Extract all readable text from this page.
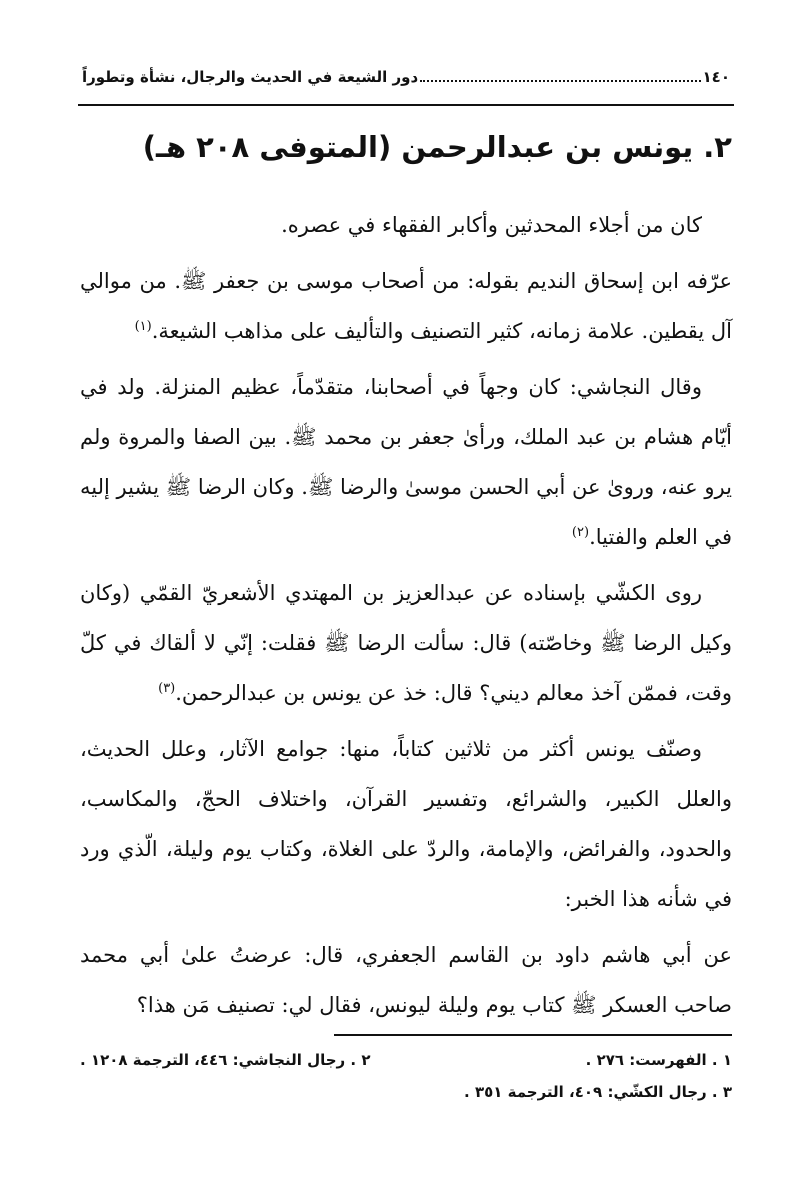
١٤٠
دور الشيعة في الحديث والرجال، نشأة وتطوراً
٢. يونس بن عبدالرحمن (المتوفى ٢٠٨ هـ)

كان من أجلاء المحدثين وأكابر الفقهاء في عصره.

عرّفه ابن إسحاق النديم بقوله: من أصحاب موسى بن جعفر ﷺ. من موالي آل يقطين. علامة زمانه، كثير التصنيف والتأليف على مذاهب الشيعة.$^{(١)}$

وقال النجاشي: كان وجهاً في أصحابنا، متقدّماً، عظيم المنزلة. ولد في أيّام هشام بن عبد الملك، ورأىٰ جعفر بن محمد ﷺ. بين الصفا والمروة ولم يرو عنه، وروىٰ عن أبي الحسن موسىٰ والرضا ﷺ. وكان الرضا ﷺ يشير إليه في العلم والفتيا.$^{(٢)}$

روى الكشّي بإسناده عن عبدالعزيز بن المهتدي الأشعريّ القمّي (وكان وكيل الرضا ﷺ وخاصّته) قال: سألت الرضا ﷺ فقلت: إنّي لا ألقاك في كلّ وقت، فممّن آخذ معالم ديني؟ قال: خذ عن يونس بن عبدالرحمن.$^{(٣)}$

وصنّف يونس أكثر من ثلاثين كتاباً، منها: جوامع الآثار، وعلل الحديث، والعلل الكبير، والشرائع، وتفسير القرآن، واختلاف الحجّ، والمكاسب، والحدود، والفرائض، والإمامة، والردّ على الغلاة، وكتاب يوم وليلة، الّذي ورد في شأنه هذا الخبر:

عن أبي هاشم داود بن القاسم الجعفري، قال: عرضتُ علىٰ أبي محمد صاحب العسكر ﷺ كتاب يوم وليلة ليونس، فقال لي: تصنيف مَن هذا؟

١ . الفهرست: ٢٧٦ .
٢ . رجال النجاشي: ٤٤٦، الترجمة ١٢٠٨ .
٣ . رجال الكشّي: ٤٠٩، الترجمة ٣٥١ .
